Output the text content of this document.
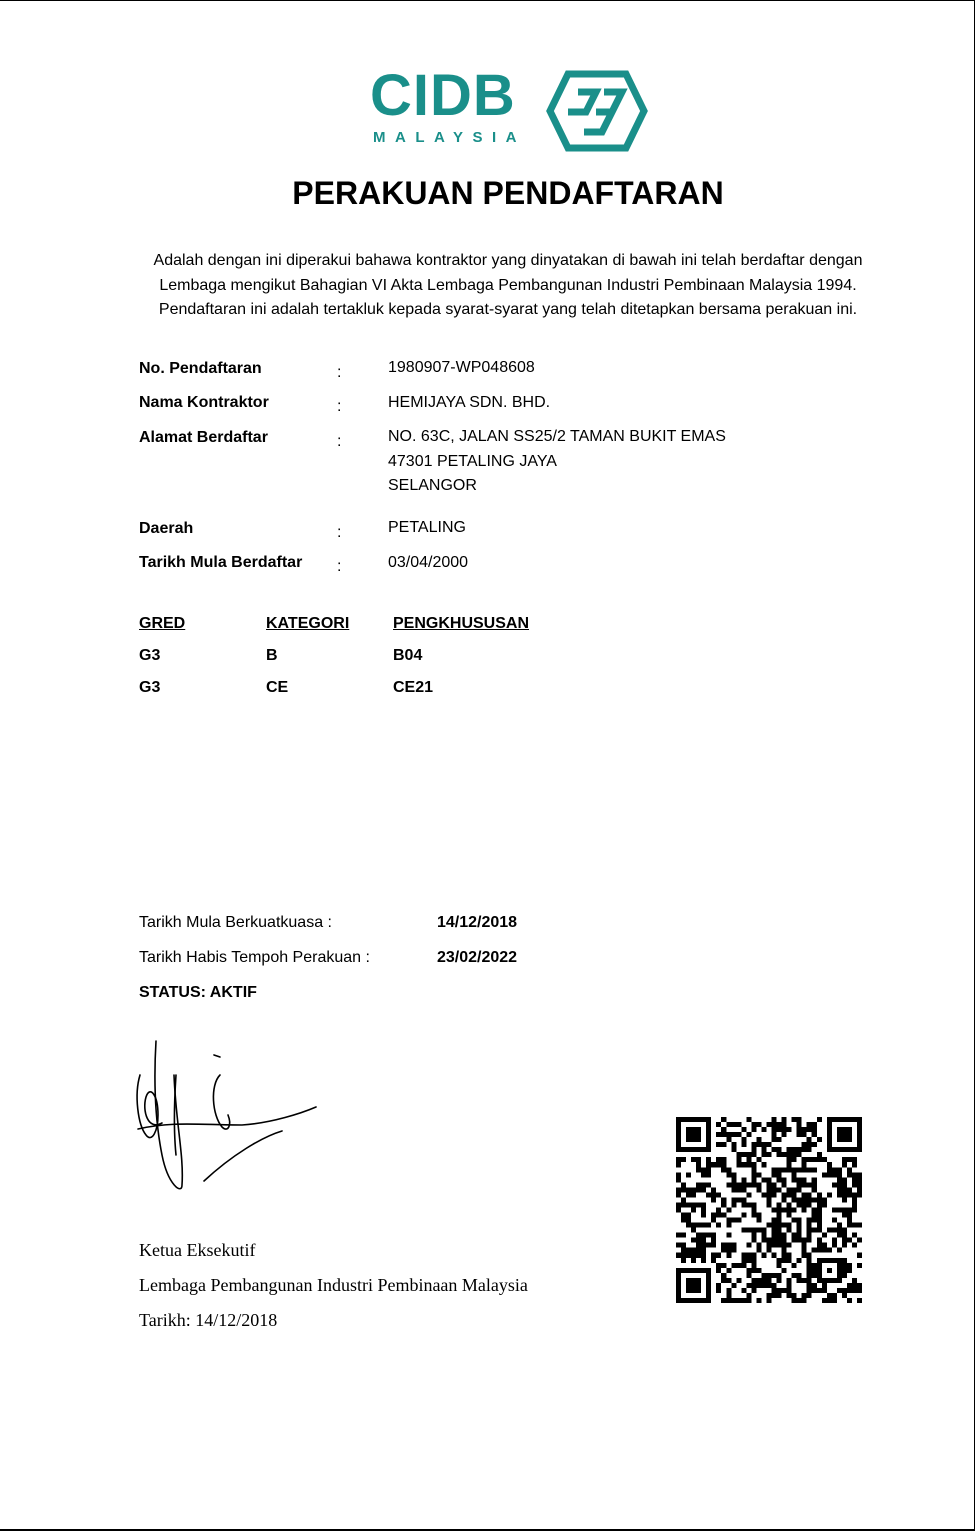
CIDB
MALAYSIA
PERAKUAN PENDAFTARAN
Adalah dengan ini diperakui bahawa kontraktor yang dinyatakan di bawah ini telah berdaftar dengan
Lembaga mengikut Bahagian VI Akta Lembaga Pembangunan Industri Pembinaan Malaysia 1994.
Pendaftaran ini adalah tertakluk kepada syarat-syarat yang telah ditetapkan bersama perakuan ini.
No. Pendaftaran	:	1980907-WP048608
Nama Kontraktor	:	HEMIJAYA SDN. BHD.
Alamat Berdaftar	:	NO. 63C, JALAN SS25/2 TAMAN BUKIT EMAS
47301 PETALING JAYA
SELANGOR
Daerah	:	PETALING
Tarikh Mula Berdaftar :	03/04/2000
GRED	KATEGORI	PENGKHUSUSAN
G3	B	B04
G3	CE	CE21
Tarikh Mula Berkuatkuasa :	14/12/2018
Tarikh Habis Tempoh Perakuan :	23/02/2022
STATUS: AKTIF
Ketua Eksekutif
Lembaga Pembangunan Industri Pembinaan Malaysia
Tarikh: 14/12/2018
